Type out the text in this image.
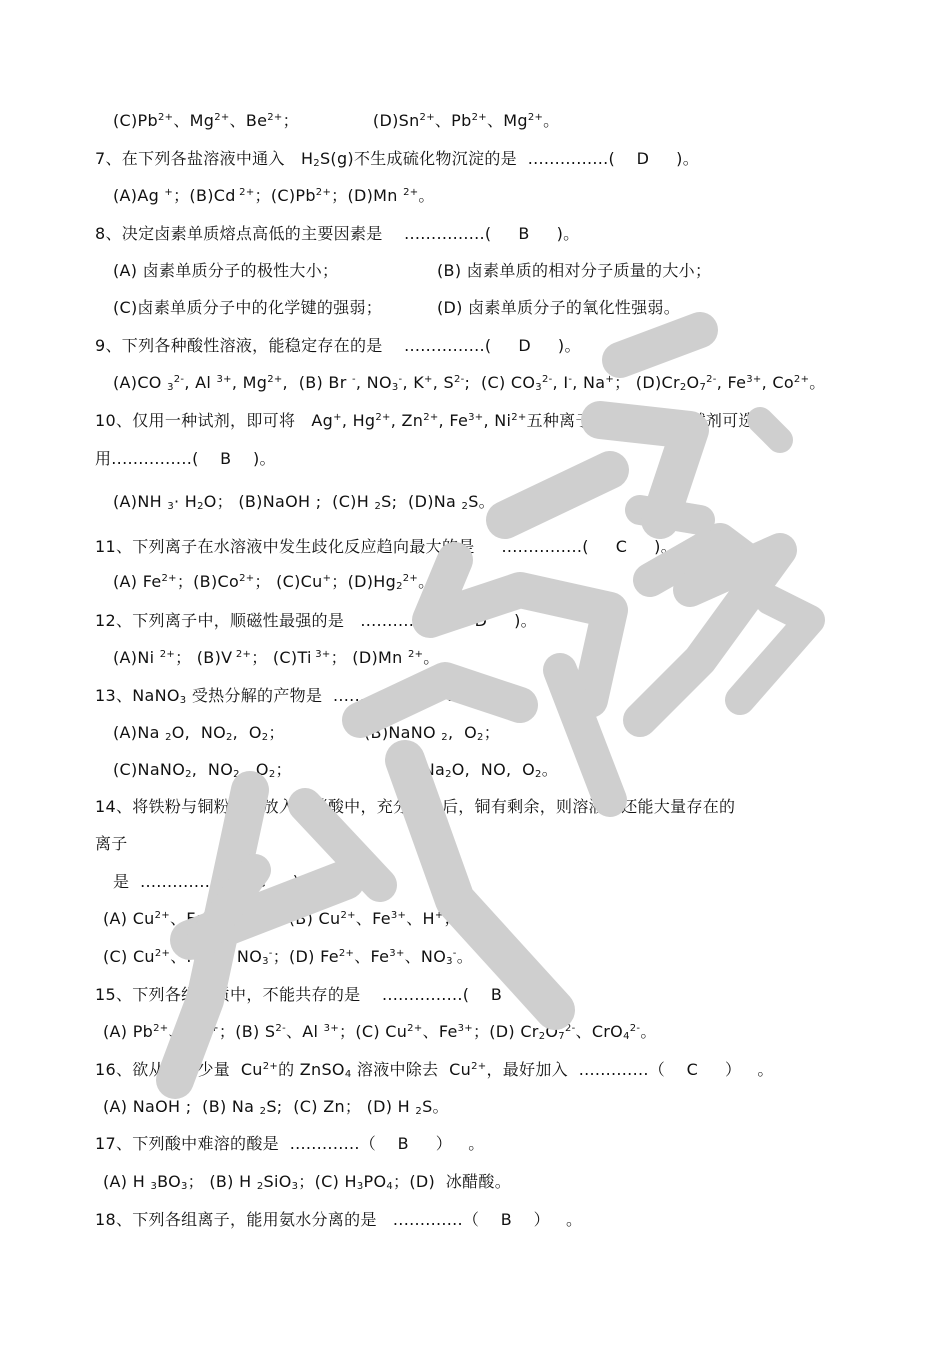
$(C)Pb^{2+}$、$Mg^{2+}$、$Be^{2+}$；	$(D)Sn^{2+}$、$Pb^{2+}$、$Mg^{2+}$。
7、在下列各盐溶液中通入   $H_2S(g)$不生成硫化物沉淀的是  ...............(    D     )。
(A)Ag +；(B)Cd $^{2+}$；$(C)Pb^{2+}$；(D)Mn $^{2+}$。
8、决定卤素单质熔点高低的主要因素是    ...............(     B     )。
(A) 卤素单质分子的极性大小；	(B) 卤素单质的相对分子质量的大小；
(C)卤素单质分子中的化学键的强弱；	(D) 卤素单质分子的氧化性强弱。
9、下列各种酸性溶液，能稳定存在的是    ...............(     D     )。
(A)CO $_3^{2-}$, Al $^{3+}$, $Mg^{2+}$,  (B) Br -, $NO_3^-$, K+, $S^{2-}$;  (C) $CO_3^{2-}$, I-, Na+； $(D)Cr_2O_7^{2-}$, $Fe^{3+}$, $Co^{2+}$。
10、仅用一种试剂，即可将   Ag+, $Hg^{2+}$, $Zn^{2+}$, $Fe^{3+}$, $Ni^{2+}$五种离子区分开，这种试剂可选
用...............(    B    )。
(A)NH $_3\cdot H_2O$； (B)NaOH ;  (C)H $_2$S;  (D)Na $_2$S。
11、下列离子在水溶液中发生歧化反应趋向最大的是     ...............(     C     )。
(A) $Fe^{2+}$；$(B)Co^{2+}$； (C)Cu+；$(D)Hg_2^{2+}$。
12、下列离子中，顺磁性最强的是   ...............(     D     )。
(A)Ni $^{2+}$； (B)V $^{2+}$； (C)Ti $^{3+}$； (D)Mn $^{2+}$。
13、NaNO$_3$ 受热分解的产物是  ...............(     B     )。
(A)Na $_2$O,  $NO_2$,  $O_2$；	(B)NaNO $_2$,  $O_2$；
(C)NaNO$_2$,  $NO_2$,  $O_2$；	$(D)Na_2O$,  NO,  $O_2$。
14、将铁粉与铜粉一起放入热硝酸中，充分反应后，铜有剩余，则溶液中还能大量存在的
离子
是  ...............(     C     )。
(A) $Cu^{2+}$、$Fe^{3+}$、$NO_3^-$；(B) $Cu^{2+}$、$Fe^{3+}$、H+；
(C) $Cu^{2+}$、$Fe^{2+}$、$NO_3^-$；(D) $Fe^{2+}$、$Fe^{3+}$、$NO_3^-$。
15、下列各组物质中，不能共存的是    ...............(    B     )。
(A) $Pb^{2+}$、$Fe^{3+}$；(B) $S^{2-}$、Al $^{3+}$；(C) $Cu^{2+}$、$Fe^{3+}$；(D) $Cr_2O_7^{2-}$、CrO$_4^{2-}$。
16、欲从含有少量  $Cu^{2+}$的 ZnSO$_4$ 溶液中除去  $Cu^{2+}$，最好加入  .............（    C     ）   。
(A) NaOH ;  (B) Na $_2$S;  (C) Zn； (D) H $_2$S。
17、下列酸中难溶的酸是  .............（    B     ）   。
(A) H $_3BO_3$； (B) H $_2$SiO$_3$；(C) $H_3PO_4$；(D)  冰醋酸。
18、下列各组离子，能用氨水分离的是   .............（    B    ）   。
